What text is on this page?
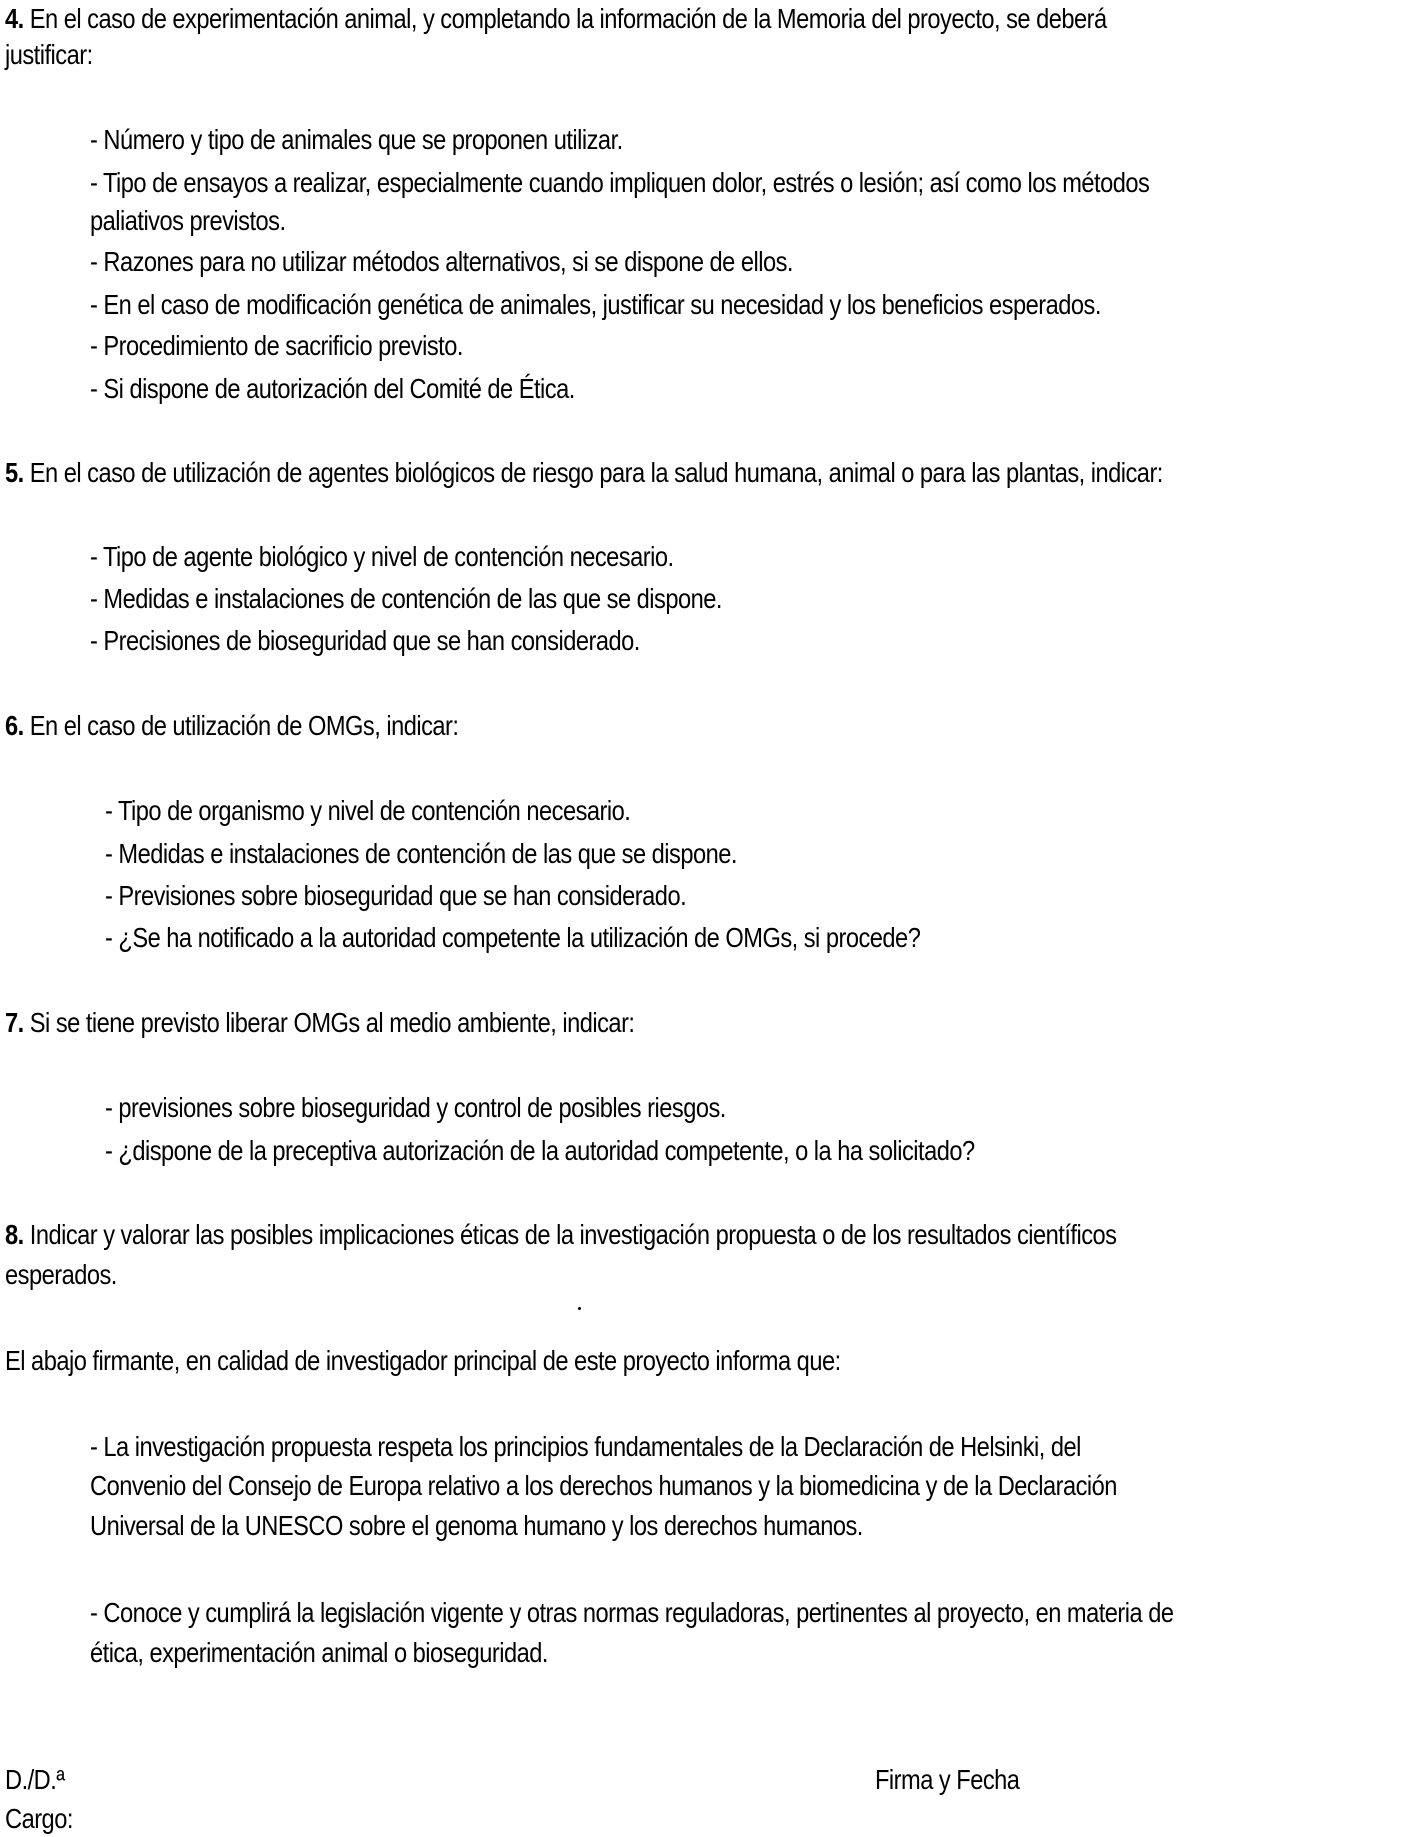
4. En el caso de experimentación animal, y completando la información de la Memoria del proyecto, se deberá
justificar:
- Número y tipo de animales que se proponen utilizar.
- Tipo de ensayos a realizar, especialmente cuando impliquen dolor, estrés o lesión; así como los métodos
paliativos previstos.
- Razones para no utilizar métodos alternativos, si se dispone de ellos.
- En el caso de modificación genética de animales, justificar su necesidad y los beneficios esperados.
- Procedimiento de sacrificio previsto.
- Si dispone de autorización del Comité de Ética.
5. En el caso de utilización de agentes biológicos de riesgo para la salud humana, animal o para las plantas, indicar:
- Tipo de agente biológico y nivel de contención necesario.
- Medidas e instalaciones de contención de las que se dispone.
- Precisiones de bioseguridad que se han considerado.
6. En el caso de utilización de OMGs, indicar:
- Tipo de organismo y nivel de contención necesario.
- Medidas e instalaciones de contención de las que se dispone.
- Previsiones sobre bioseguridad que se han considerado.
- ¿Se ha notificado a la autoridad competente la utilización de OMGs, si procede?
7. Si se tiene previsto liberar OMGs al medio ambiente, indicar:
- previsiones sobre bioseguridad y control de posibles riesgos.
- ¿dispone de la preceptiva autorización de la autoridad competente, o la ha solicitado?
8. Indicar y valorar las posibles implicaciones éticas de la investigación propuesta o de los resultados científicos
esperados.
El abajo firmante, en calidad de investigador principal de este proyecto informa que:
- La investigación propuesta respeta los principios fundamentales de la Declaración de Helsinki, del
Convenio del Consejo de Europa relativo a los derechos humanos y la biomedicina y de la Declaración
Universal de la UNESCO sobre el genoma humano y los derechos humanos.
- Conoce y cumplirá la legislación vigente y otras normas reguladoras, pertinentes al proyecto, en materia de
ética, experimentación animal o bioseguridad.
D./D.ª	Firma y Fecha
Cargo:
